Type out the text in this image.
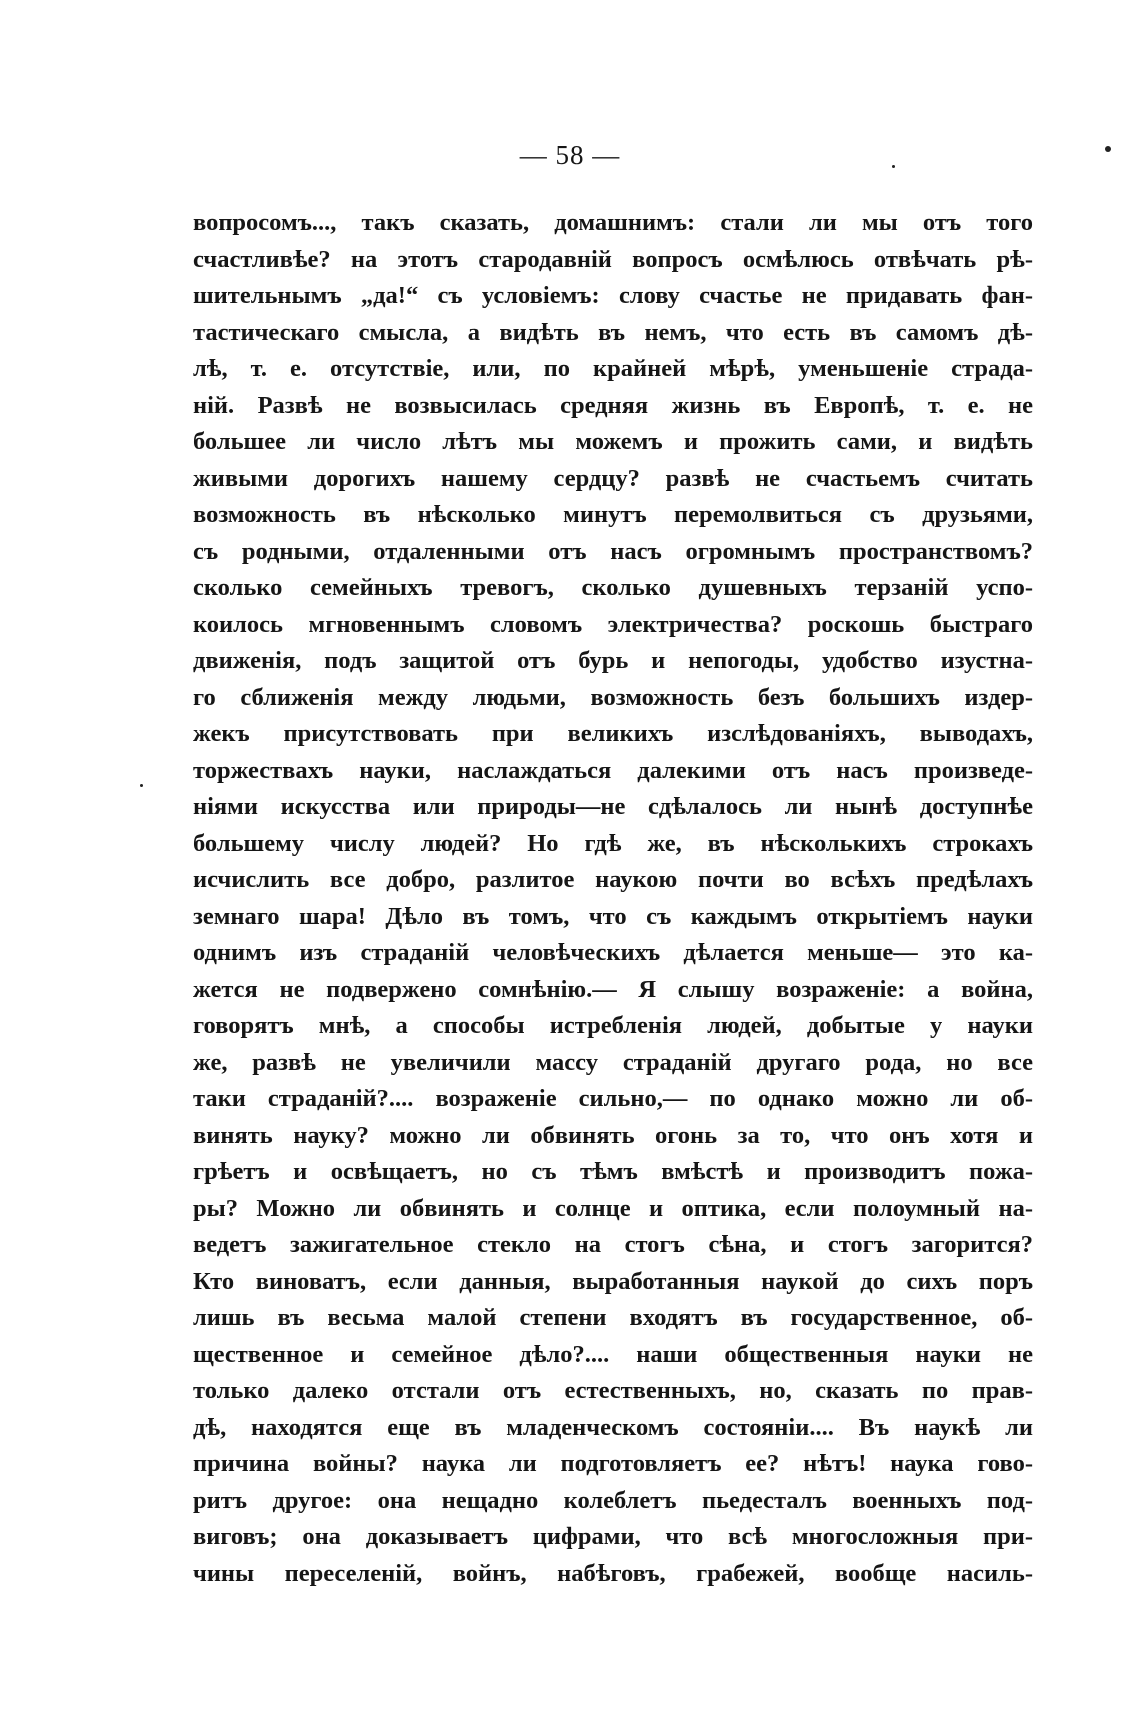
— 58 —
вопросомъ..., такъ сказать, домашнимъ: стали ли мы отъ того
счастливѣе? на этотъ стародавній вопросъ осмѣлюсь отвѣчать рѣ-
шительнымъ „да!“ съ условіемъ: слову счастье не придавать фан-
тастическаго смысла, а видѣть въ немъ, что есть въ самомъ дѣ-
лѣ, т. е. отсутствіе, или, по крайней мѣрѣ, уменьшеніе страда-
ній. Развѣ не возвысилась средняя жизнь въ Европѣ, т. е. не
большее ли число лѣтъ мы можемъ и прожить сами, и видѣть
живыми дорогихъ нашему сердцу? развѣ не счастьемъ считать
возможность въ нѣсколько минутъ перемолвиться съ друзьями,
съ родными, отдаленными отъ насъ огромнымъ пространствомъ?
сколько семейныхъ тревогъ, сколько душевныхъ терзаній успо-
коилось мгновеннымъ словомъ электричества? роскошь быстраго
движенія, подъ защитой отъ бурь и непогоды, удобство изустна-
го сближенія между людьми, возможность безъ большихъ издер-
жекъ присутствовать при великихъ изслѣдованіяхъ, выводахъ,
торжествахъ науки, наслаждаться далекими отъ насъ произведе-
ніями искусства или природы—не сдѣлалось ли нынѣ доступнѣе
большему числу людей? Но гдѣ же, въ нѣсколькихъ строкахъ
исчислить все добро, разлитое наукою почти во всѣхъ предѣлахъ
земнаго шара! Дѣло въ томъ, что съ каждымъ открытіемъ науки
однимъ изъ страданій человѣческихъ дѣлается меньше— это ка-
жется не подвержено сомнѣнію.— Я слышу возраженіе: а война,
говорятъ мнѣ, а способы истребленія людей, добытые у науки
же, развѣ не увеличили массу страданій другаго рода, но все
таки страданій?.... возраженіе сильно,— по однако можно ли об-
винять науку? можно ли обвинять огонь за то, что онъ хотя и
грѣетъ и освѣщаетъ, но съ тѣмъ вмѣстѣ и производитъ пожа-
ры? Можно ли обвинять и солнце и оптика, если полоумный на-
ведетъ зажигательное стекло на стогъ сѣна, и стогъ загорится?
Кто виноватъ, если данныя, выработанныя наукой до сихъ поръ
лишь въ весьма малой степени входятъ въ государственное, об-
щественное и семейное дѣло?.... наши общественныя науки не
только далеко отстали отъ естественныхъ, но, сказать по прав-
дѣ, находятся еще въ младенческомъ состояніи.... Въ наукѣ ли
причина войны? наука ли подготовляетъ ее? нѣтъ! наука гово-
ритъ другое: она нещадно колеблетъ пьедесталъ военныхъ под-
виговъ; она доказываетъ цифрами, что всѣ многосложныя при-
чины переселеній, войнъ, набѣговъ, грабежей, вообще насиль-
